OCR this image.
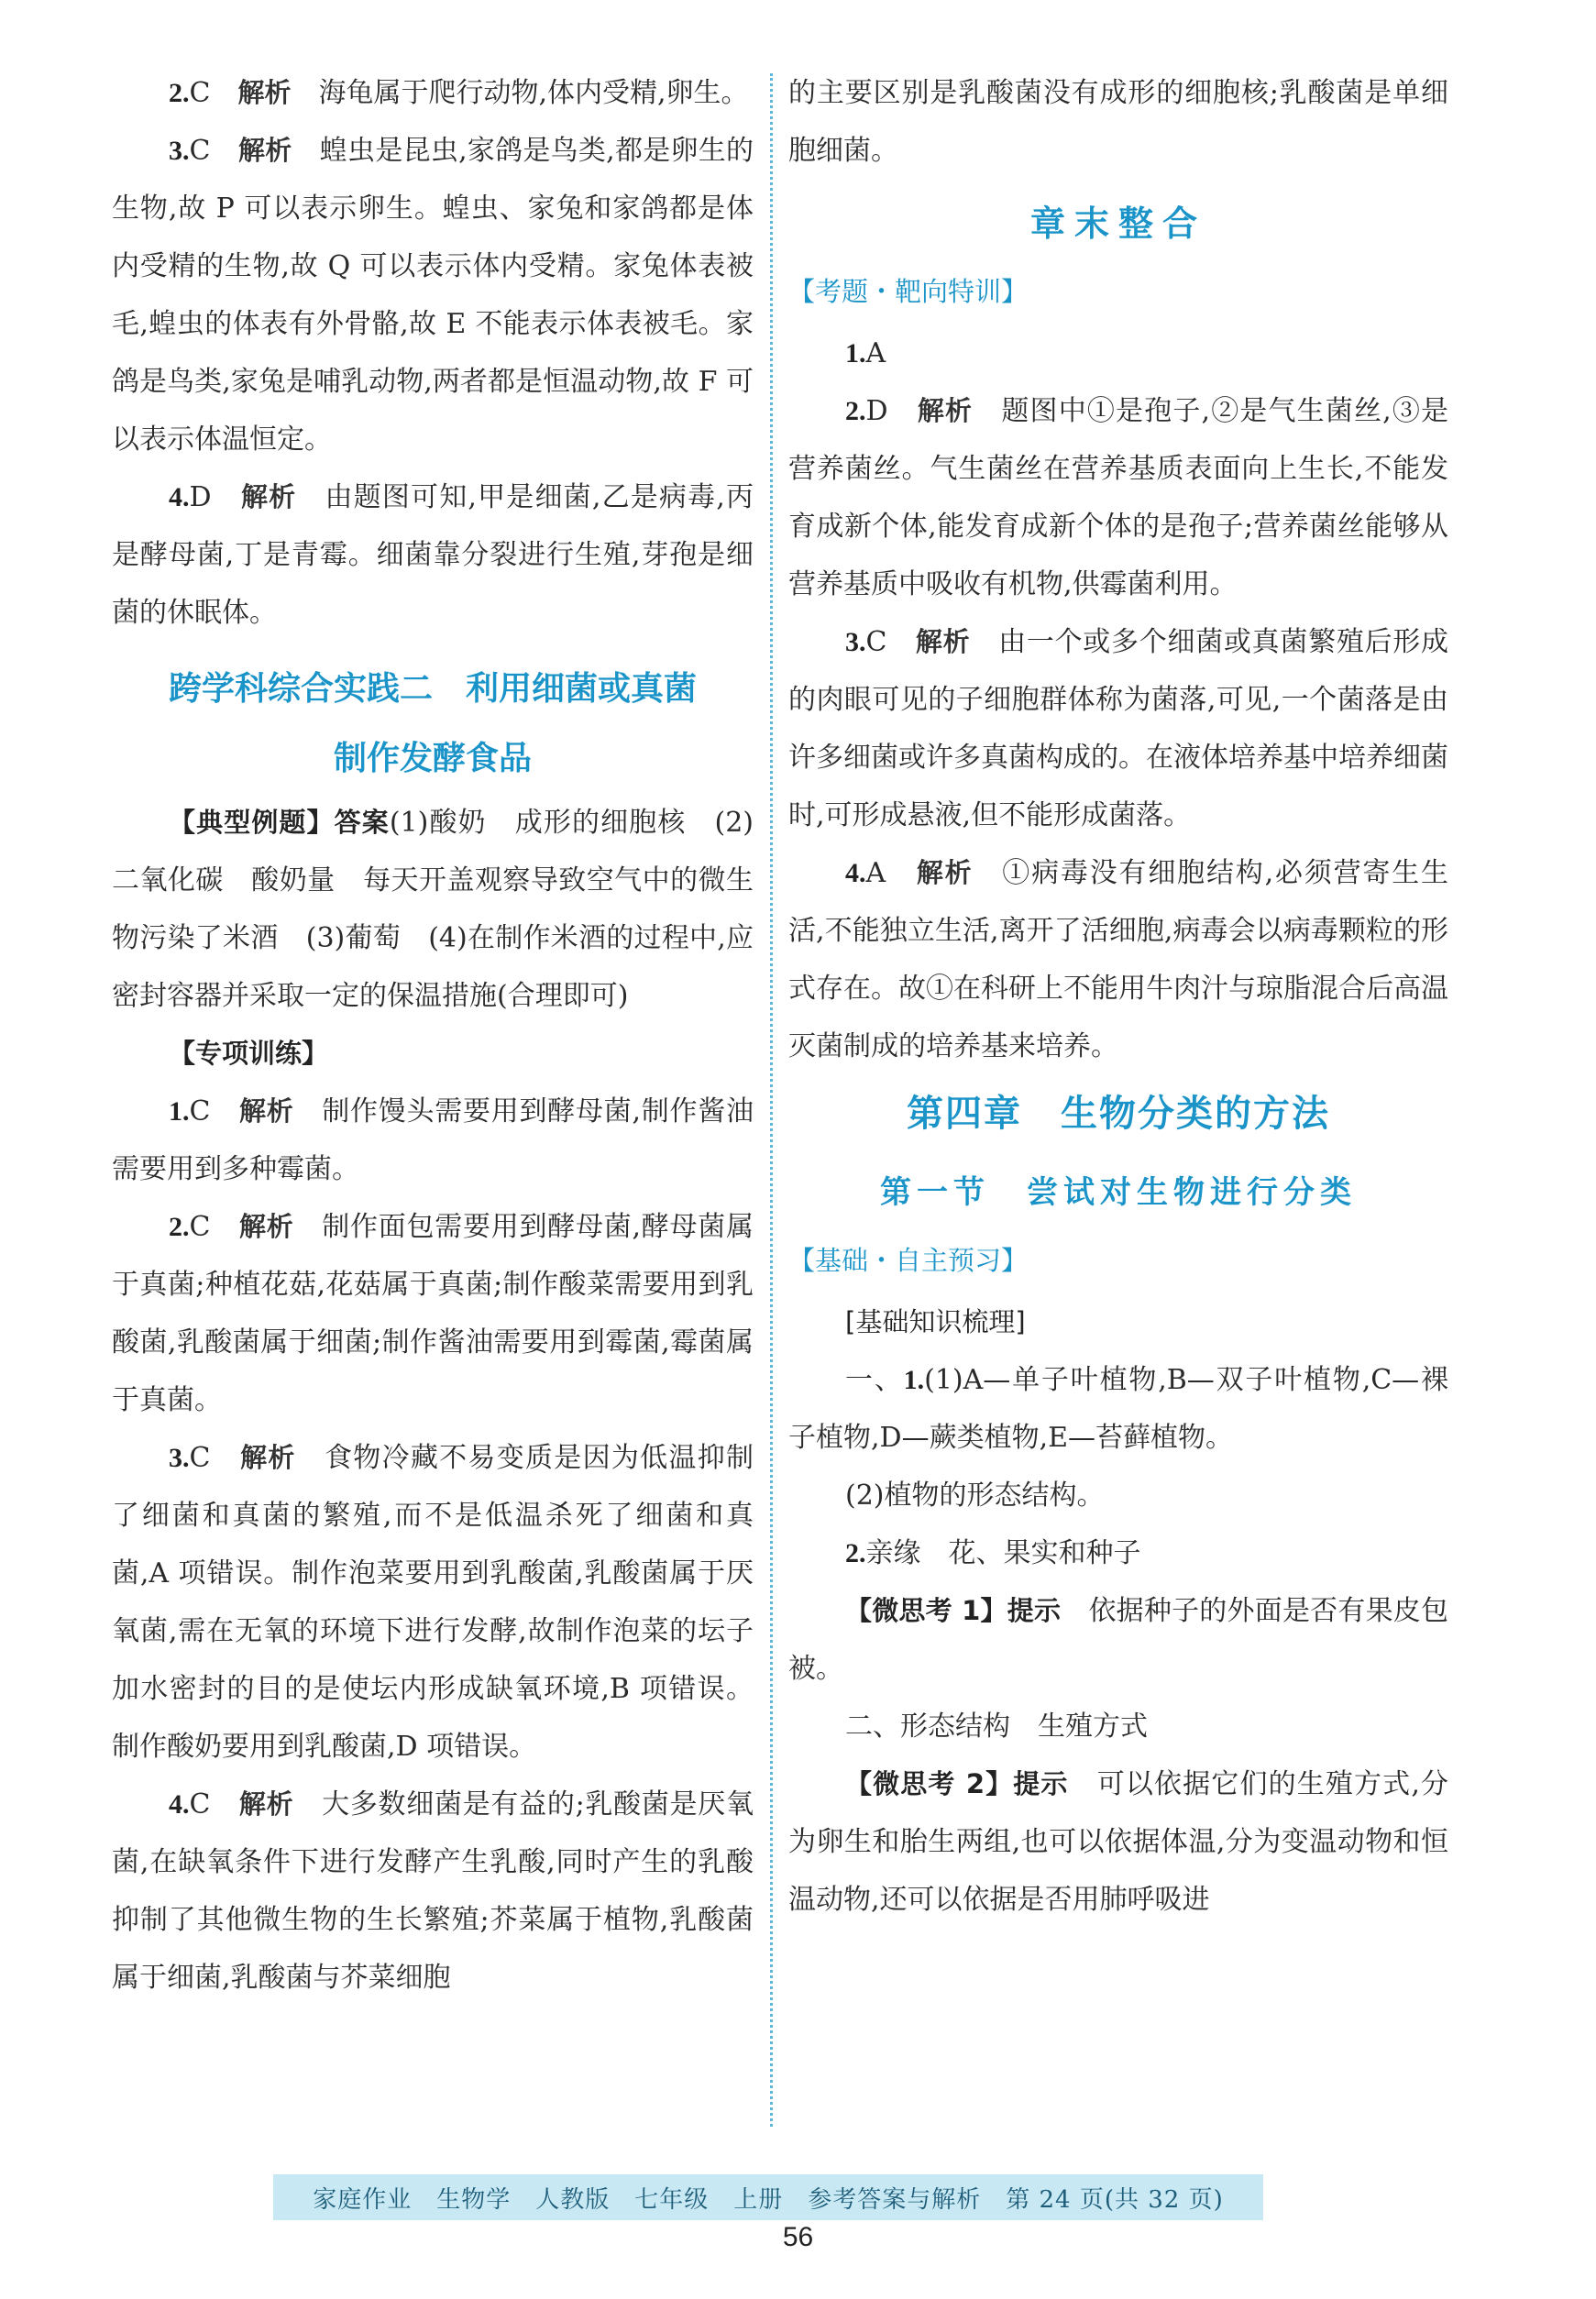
2.C　 解析　 海龟属于爬行动物,体内受精,卵生。

3.C　 解析　 蝗虫是昆虫,家鸽是鸟类,都是卵生的生物,故 P 可以表示卵生。蝗虫、家兔和家鸽都是体内受精的生物,故 Q 可以表示体内受精。家兔体表被毛,蝗虫的体表有外骨骼,故 E 不能表示体表被毛。家鸽是鸟类,家兔是哺乳动物,两者都是恒温动物,故 F 可以表示体温恒定。

4.D　 解析　 由题图可知,甲是细菌,乙是病毒,丙是酵母菌,丁是青霉。细菌靠分裂进行生殖,芽孢是细菌的休眠体。

跨学科综合实践二　利用细菌或真菌

制作发酵食品

【典型例题】答案(1)酸奶　成形的细胞核　(2)二氧化碳　酸奶量　每天开盖观察导致空气中的微生物污染了米酒　(3)葡萄　(4)在制作米酒的过程中,应密封容器并采取一定的保温措施(合理即可)

【专项训练】

1.C　 解析　 制作馒头需要用到酵母菌,制作酱油需要用到多种霉菌。

2.C　 解析　 制作面包需要用到酵母菌,酵母菌属于真菌;种植花菇,花菇属于真菌;制作酸菜需要用到乳酸菌,乳酸菌属于细菌;制作酱油需要用到霉菌,霉菌属于真菌。

3.C　 解析　 食物冷藏不易变质是因为低温抑制了细菌和真菌的繁殖,而不是低温杀死了细菌和真菌,A 项错误。制作泡菜要用到乳酸菌,乳酸菌属于厌氧菌,需在无氧的环境下进行发酵,故制作泡菜的坛子加水密封的目的是使坛内形成缺氧环境,B 项错误。制作酸奶要用到乳酸菌,D 项错误。

4.C　 解析　 大多数细菌是有益的;乳酸菌是厌氧菌,在缺氧条件下进行发酵产生乳酸,同时产生的乳酸抑制了其他微生物的生长繁殖;芥菜属于植物,乳酸菌属于细菌,乳酸菌与芥菜细胞

的主要区别是乳酸菌没有成形的细胞核;乳酸菌是单细胞细菌。

章末整合

【考题・靶向特训】

1.A

2.D　 解析　 题图中①是孢子,②是气生菌丝,③是营养菌丝。气生菌丝在营养基质表面向上生长,不能发育成新个体,能发育成新个体的是孢子;营养菌丝能够从营养基质中吸收有机物,供霉菌利用。

3.C　 解析　 由一个或多个细菌或真菌繁殖后形成的肉眼可见的子细胞群体称为菌落,可见,一个菌落是由许多细菌或许多真菌构成的。在液体培养基中培养细菌时,可形成悬液,但不能形成菌落。

4.A　 解析　 ①病毒没有细胞结构,必须营寄生生活,不能独立生活,离开了活细胞,病毒会以病毒颗粒的形式存在。故①在科研上不能用牛肉汁与琼脂混合后高温灭菌制成的培养基来培养。

第四章　生物分类的方法

第一节　尝试对生物进行分类

【基础・自主预习】

[基础知识梳理]

一、1.(1)A—单子叶植物,B—双子叶植物,C—裸子植物,D—蕨类植物,E—苔藓植物。

(2)植物的形态结构。

2.亲缘　花、果实和种子

【微思考 1】提示　 依据种子的外面是否有果皮包被。

二、形态结构　生殖方式

【微思考 2】提示　 可以依据它们的生殖方式,分为卵生和胎生两组,也可以依据体温,分为变温动物和恒温动物,还可以依据是否用肺呼吸进

家庭作业　生物学　人教版　七年级　上册　参考答案与解析　第 24 页(共 32 页)
56
